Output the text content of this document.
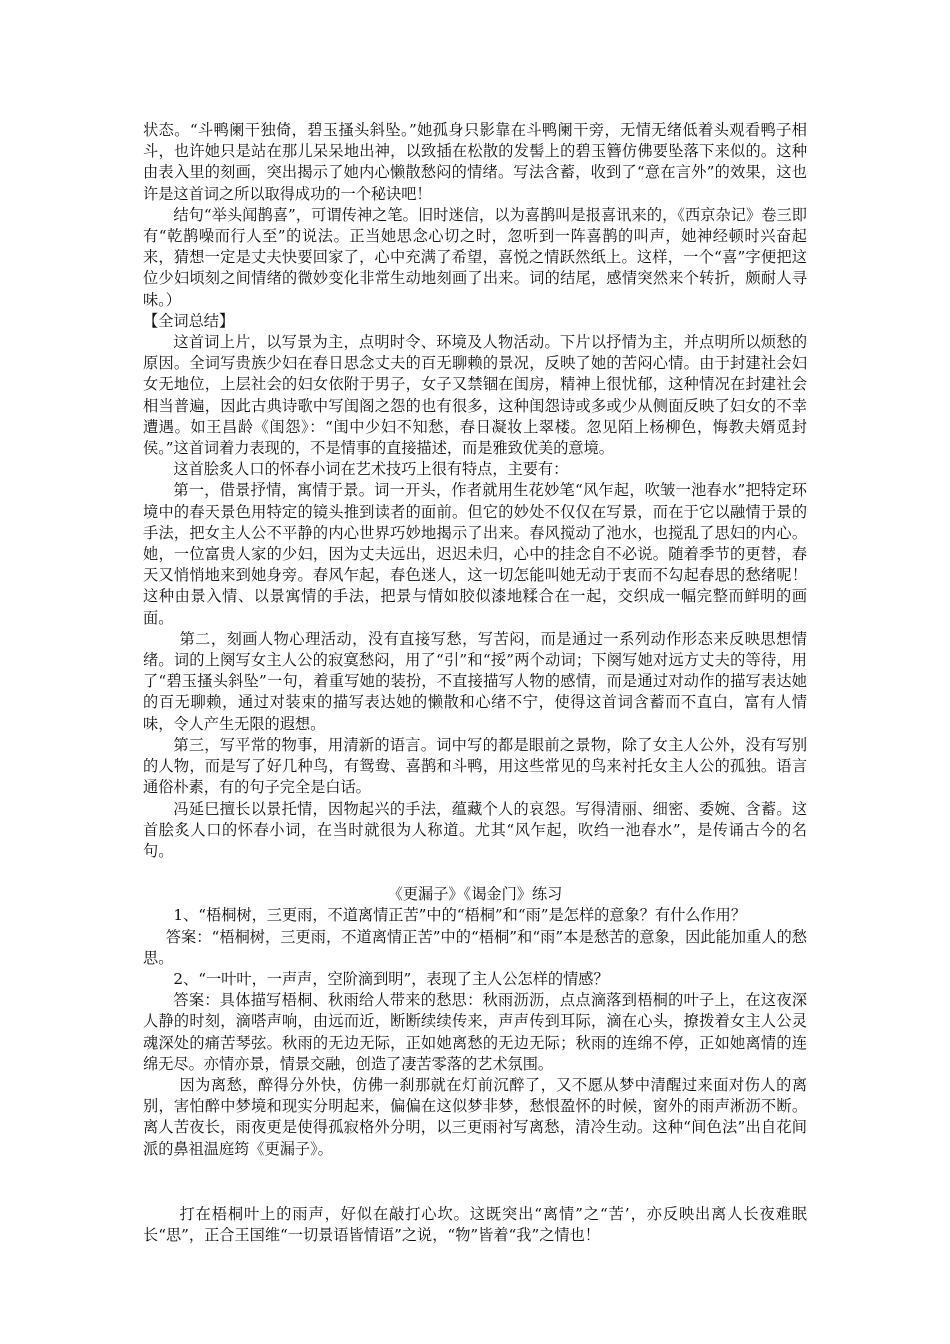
状态。“斗鸭阑干独倚，碧玉搔头斜坠。”她孤身只影靠在斗鸭阑干旁，无情无绪低着头观看鸭子相斗，也许她只是站在那儿呆呆地出神，以致插在松散的发髻上的碧玉簪仿佛要坠落下来似的。这种由表入里的刻画，突出揭示了她内心懒散愁闷的情绪。写法含蓄，收到了“意在言外”的效果，这也许是这首词之所以取得成功的一个秘诀吧！

结句“举头闻鹊喜”，可谓传神之笔。旧时迷信，以为喜鹊叫是报喜讯来的，《西京杂记》卷三即有“乾鹊噪而行人至”的说法。正当她思念心切之时，忽听到一阵喜鹊的叫声，她神经顿时兴奋起来，猜想一定是丈夫快要回家了，心中充满了希望，喜悦之情跃然纸上。这样，一个“喜”字便把这位少妇顷刻之间情绪的微妙变化非常生动地刻画了出来。词的结尾，感情突然来个转折，颇耐人寻味。）

【全词总结】

这首词上片，以写景为主，点明时令、环境及人物活动。下片以抒情为主，并点明所以烦愁的原因。全词写贵族少妇在春日思念丈夫的百无聊赖的景况，反映了她的苦闷心情。由于封建社会妇女无地位，上层社会的妇女依附于男子，女子又禁锢在闺房，精神上很忧郁，这种情况在封建社会相当普遍，因此古典诗歌中写闺阁之怨的也有很多，这种闺怨诗或多或少从侧面反映了妇女的不幸遭遇。如王昌龄《闺怨》：“闺中少妇不知愁，春日凝妆上翠楼。忽见陌上杨柳色，悔教夫婿觅封侯。”这首词着力表现的，不是情事的直接描述，而是雅致优美的意境。

这首脍炙人口的怀春小词在艺术技巧上很有特点，主要有：

第一，借景抒情，寓情于景。词一开头，作者就用生花妙笔“风乍起，吹皱一池春水”把特定环境中的春天景色用特定的镜头推到读者的面前。但它的妙处不仅仅在写景，而在于它以融情于景的手法，把女主人公不平静的内心世界巧妙地揭示了出来。春风搅动了池水，也搅乱了思妇的内心。她，一位富贵人家的少妇，因为丈夫远出，迟迟未归，心中的挂念自不必说。随着季节的更替，春天又悄悄地来到她身旁。春风乍起，春色迷人，这一切怎能叫她无动于衷而不勾起春思的愁绪呢！这种由景入情、以景寓情的手法，把景与情如胶似漆地糅合在一起，交织成一幅完整而鲜明的画面。

第二，刻画人物心理活动，没有直接写愁，写苦闷，而是通过一系列动作形态来反映思想情绪。词的上阕写女主人公的寂寞愁闷，用了“引”和“挼”两个动词；下阕写她对远方丈夫的等待，用了“碧玉搔头斜坠”一句，着重写她的装扮，不直接描写人物的感情，而是通过对动作的描写表达她的百无聊赖，通过对装束的描写表达她的懒散和心绪不宁，使得这首词含蓄而不直白，富有人情味，令人产生无限的遐想。

第三，写平常的物事，用清新的语言。词中写的都是眼前之景物，除了女主人公外，没有写别的人物，而是写了好几种鸟，有鸳鸯、喜鹊和斗鸭，用这些常见的鸟来衬托女主人公的孤独。语言通俗朴素，有的句子完全是白话。

冯延巳擅长以景托情，因物起兴的手法，蕴藏个人的哀怨。写得清丽、细密、委婉、含蓄。这首脍炙人口的怀春小词，在当时就很为人称道。尤其“风乍起，吹绉一池春水”，是传诵古今的名句。

《更漏子》《谒金门》练习

1、“梧桐树，三更雨，不道离情正苦”中的“梧桐”和“雨”是怎样的意象？有什么作用？

答案：“梧桐树，三更雨，不道离情正苦”中的“梧桐”和“雨”本是愁苦的意象，因此能加重人的愁思。

2、“一叶叶，一声声，空阶滴到明”，表现了主人公怎样的情感？

答案：具体描写梧桐、秋雨给人带来的愁思：秋雨沥沥，点点滴落到梧桐的叶子上，在这夜深人静的时刻，滴嗒声响，由远而近，断断续续传来，声声传到耳际，滴在心头，撩拨着女主人公灵魂深处的痛苦琴弦。秋雨的无边无际，正如她离愁的无边无际；秋雨的连绵不停，正如她离情的连绵无尽。亦情亦景，情景交融，创造了凄苦零落的艺术氛围。

因为离愁，醉得分外快，仿佛一刹那就在灯前沉醉了，又不愿从梦中清醒过来面对伤人的离别，害怕醉中梦境和现实分明起来，偏偏在这似梦非梦，愁恨盈怀的时候，窗外的雨声淅沥不断。离人苦夜长，雨夜更是使得孤寂格外分明，以三更雨衬写离愁，清冷生动。这种“间色法”出自花间派的鼻祖温庭筠《更漏子》。

打在梧桐叶上的雨声，好似在敲打心坎。这既突出“离情”之“苦’，亦反映出离人长夜难眠长“思”，正合王国维“一切景语皆情语”之说，“物”皆着“我”之情也！
